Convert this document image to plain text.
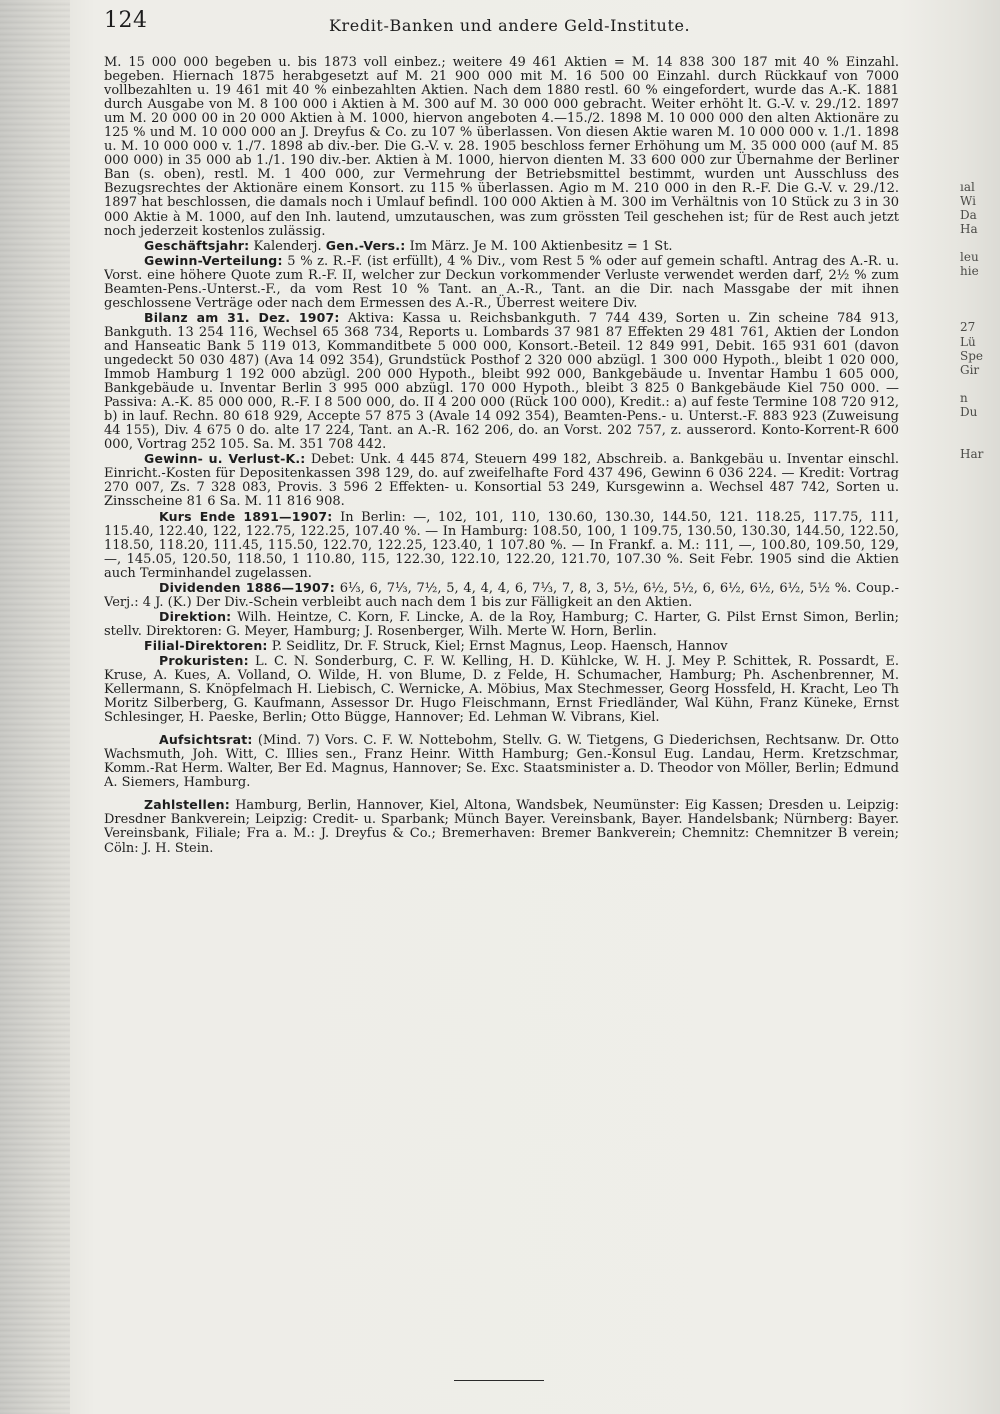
124	Kredit-Banken und andere Geld-Institute.

M. 15 000 000 begeben u. bis 1873 voll einbez.; weitere 49 461 Aktien = M. 14 838 300 187 mit 40 % Einzahl. begeben. Hiernach 1875 herabgesetzt auf M. 21 900 000 mit M. 16 500 00 Einzahl. durch Rückkauf von 7000 vollbezahlten u. 19 461 mit 40 % einbezahlten Aktien. Nach dem 1880 restl. 60 % eingefordert, wurde das A.-K. 1881 durch Ausgabe von M. 8 100 000 i Aktien à M. 300 auf M. 30 000 000 gebracht. Weiter erhöht lt. G.-V. v. 29./12. 1897 um M. 20 000 00 in 20 000 Aktien à M. 1000, hiervon angeboten 4.—15./2. 1898 M. 10 000 000 den alten Aktionäre zu 125 % und M. 10 000 000 an J. Dreyfus & Co. zu 107 % überlassen. Von diesen Aktie waren M. 10 000 000 v. 1./1. 1898 u. M. 10 000 000 v. 1./7. 1898 ab div.-ber. Die G.-V. v. 28. 1905 beschloss ferner Erhöhung um M. 35 000 000 (auf M. 85 000 000) in 35 000 ab 1./1. 190 div.-ber. Aktien à M. 1000, hiervon dienten M. 33 600 000 zur Übernahme der Berliner Ban (s. oben), restl. M. 1 400 000, zur Vermehrung der Betriebsmittel bestimmt, wurden unt Ausschluss des Bezugsrechtes der Aktionäre einem Konsort. zu 115 % überlassen. Agio m M. 210 000 in den R.-F. Die G.-V. v. 29./12. 1897 hat beschlossen, die damals noch i Umlauf befindl. 100 000 Aktien à M. 300 im Verhältnis von 10 Stück zu 3 in 30 000 Aktie à M. 1000, auf den Inh. lautend, umzutauschen, was zum grössten Teil geschehen ist; für de Rest auch jetzt noch jederzeit kostenlos zulässig.

Geschäftsjahr: Kalenderj. Gen.-Vers.: Im März. Je M. 100 Aktienbesitz = 1 St.

Gewinn-Verteilung: 5 % z. R.-F. (ist erfüllt), 4 % Div., vom Rest 5 % oder auf gemein schaftl. Antrag des A.-R. u. Vorst. eine höhere Quote zum R.-F. II, welcher zur Deckun vorkommender Verluste verwendet werden darf, 2½ % zum Beamten-Pens.-Unterst.-F., da vom Rest 10 % Tant. an A.-R., Tant. an die Dir. nach Massgabe der mit ihnen geschlossene Verträge oder nach dem Ermessen des A.-R., Überrest weitere Div.

Bilanz am 31. Dez. 1907: Aktiva: Kassa u. Reichsbankguth. 7 744 439, Sorten u. Zin scheine 784 913, Bankguth. 13 254 116, Wechsel 65 368 734, Reports u. Lombards 37 981 87 Effekten 29 481 761, Aktien der London and Hanseatic Bank 5 119 013, Kommanditbete 5 000 000, Konsort.-Beteil. 12 849 991, Debit. 165 931 601 (davon ungedeckt 50 030 487) (Ava 14 092 354), Grundstück Posthof 2 320 000 abzügl. 1 300 000 Hypoth., bleibt 1 020 000, Immob Hamburg 1 192 000 abzügl. 200 000 Hypoth., bleibt 992 000, Bankgebäude u. Inventar Hambu 1 605 000, Bankgebäude u. Inventar Berlin 3 995 000 abzügl. 170 000 Hypoth., bleibt 3 825 0 Bankgebäude Kiel 750 000. — Passiva: A.-K. 85 000 000, R.-F. I 8 500 000, do. II 4 200 000 (Rück 100 000), Kredit.: a) auf feste Termine 108 720 912, b) in lauf. Rechn. 80 618 929, Accepte 57 875 3 (Avale 14 092 354), Beamten-Pens.- u. Unterst.-F. 883 923 (Zuweisung 44 155), Div. 4 675 0 do. alte 17 224, Tant. an A.-R. 162 206, do. an Vorst. 202 757, z. ausserord. Konto-Korrent-R 600 000, Vortrag 252 105. Sa. M. 351 708 442.

Gewinn- u. Verlust-K.: Debet: Unk. 4 445 874, Steuern 499 182, Abschreib. a. Bankgebäu u. Inventar einschl. Einricht.-Kosten für Depositenkassen 398 129, do. auf zweifelhafte Ford 437 496, Gewinn 6 036 224. — Kredit: Vortrag 270 007, Zs. 7 328 083, Provis. 3 596 2 Effekten- u. Konsortial 53 249, Kursgewinn a. Wechsel 487 742, Sorten u. Zinsscheine 81 6 Sa. M. 11 816 908.

Kurs Ende 1891—1907: In Berlin: —, 102, 101, 110, 130.60, 130.30, 144.50, 121. 118.25, 117.75, 111, 115.40, 122.40, 122, 122.75, 122.25, 107.40 %. — In Hamburg: 108.50, 100, 1 109.75, 130.50, 130.30, 144.50, 122.50, 118.50, 118.20, 111.45, 115.50, 122.70, 122.25, 123.40, 1 107.80 %. — In Frankf. a. M.: 111, —, 100.80, 109.50, 129, —, 145.05, 120.50, 118.50, 1 110.80, 115, 122.30, 122.10, 122.20, 121.70, 107.30 %. Seit Febr. 1905 sind die Aktien auch Terminhandel zugelassen.

Dividenden 1886—1907: 6⅓, 6, 7⅓, 7½, 5, 4, 4, 4, 6, 7⅓, 7, 8, 3, 5½, 6½, 5½, 6, 6½, 6½, 6½, 5½ %. Coup.-Verj.: 4 J. (K.) Der Div.-Schein verbleibt auch nach dem 1 bis zur Fälligkeit an den Aktien.

Direktion: Wilh. Heintze, C. Korn, F. Lincke, A. de la Roy, Hamburg; C. Harter, G. Pilst Ernst Simon, Berlin; stellv. Direktoren: G. Meyer, Hamburg; J. Rosenberger, Wilh. Merte W. Horn, Berlin.

Filial-Direktoren: P. Seidlitz, Dr. F. Struck, Kiel; Ernst Magnus, Leop. Haensch, Hannov

Prokuristen: L. C. N. Sonderburg, C. F. W. Kelling, H. D. Kühlcke, W. H. J. Mey P. Schittek, R. Possardt, E. Kruse, A. Kues, A. Volland, O. Wilde, H. von Blume, D. z Felde, H. Schumacher, Hamburg; Ph. Aschenbrenner, M. Kellermann, S. Knöpfelmach H. Liebisch, C. Wernicke, A. Möbius, Max Stechmesser, Georg Hossfeld, H. Kracht, Leo Th Moritz Silberberg, G. Kaufmann, Assessor Dr. Hugo Fleischmann, Ernst Friedländer, Wal Kühn, Franz Küneke, Ernst Schlesinger, H. Paeske, Berlin; Otto Bügge, Hannover; Ed. Lehman W. Vibrans, Kiel.

Aufsichtsrat: (Mind. 7) Vors. C. F. W. Nottebohm, Stellv. G. W. Tietgens, G Diederichsen, Rechtsanw. Dr. Otto Wachsmuth, Joh. Witt, C. Illies sen., Franz Heinr. Witth Hamburg; Gen.-Konsul Eug. Landau, Herm. Kretzschmar, Komm.-Rat Herm. Walter, Ber Ed. Magnus, Hannover; Se. Exc. Staatsminister a. D. Theodor von Möller, Berlin; Edmund A. Siemers, Hamburg.

Zahlstellen: Hamburg, Berlin, Hannover, Kiel, Altona, Wandsbek, Neumünster: Eig Kassen; Dresden u. Leipzig: Dresdner Bankverein; Leipzig: Credit- u. Sparbank; Münch Bayer. Vereinsbank, Bayer. Handelsbank; Nürnberg: Bayer. Vereinsbank, Filiale; Fra a. M.: J. Dreyfus & Co.; Bremerhaven: Bremer Bankverein; Chemnitz: Chemnitzer B verein; Cöln: J. H. Stein.

ıal
Wi
Da
Ha
leu
hie
27
Lü
Spe
Gir
n
Du
Har
